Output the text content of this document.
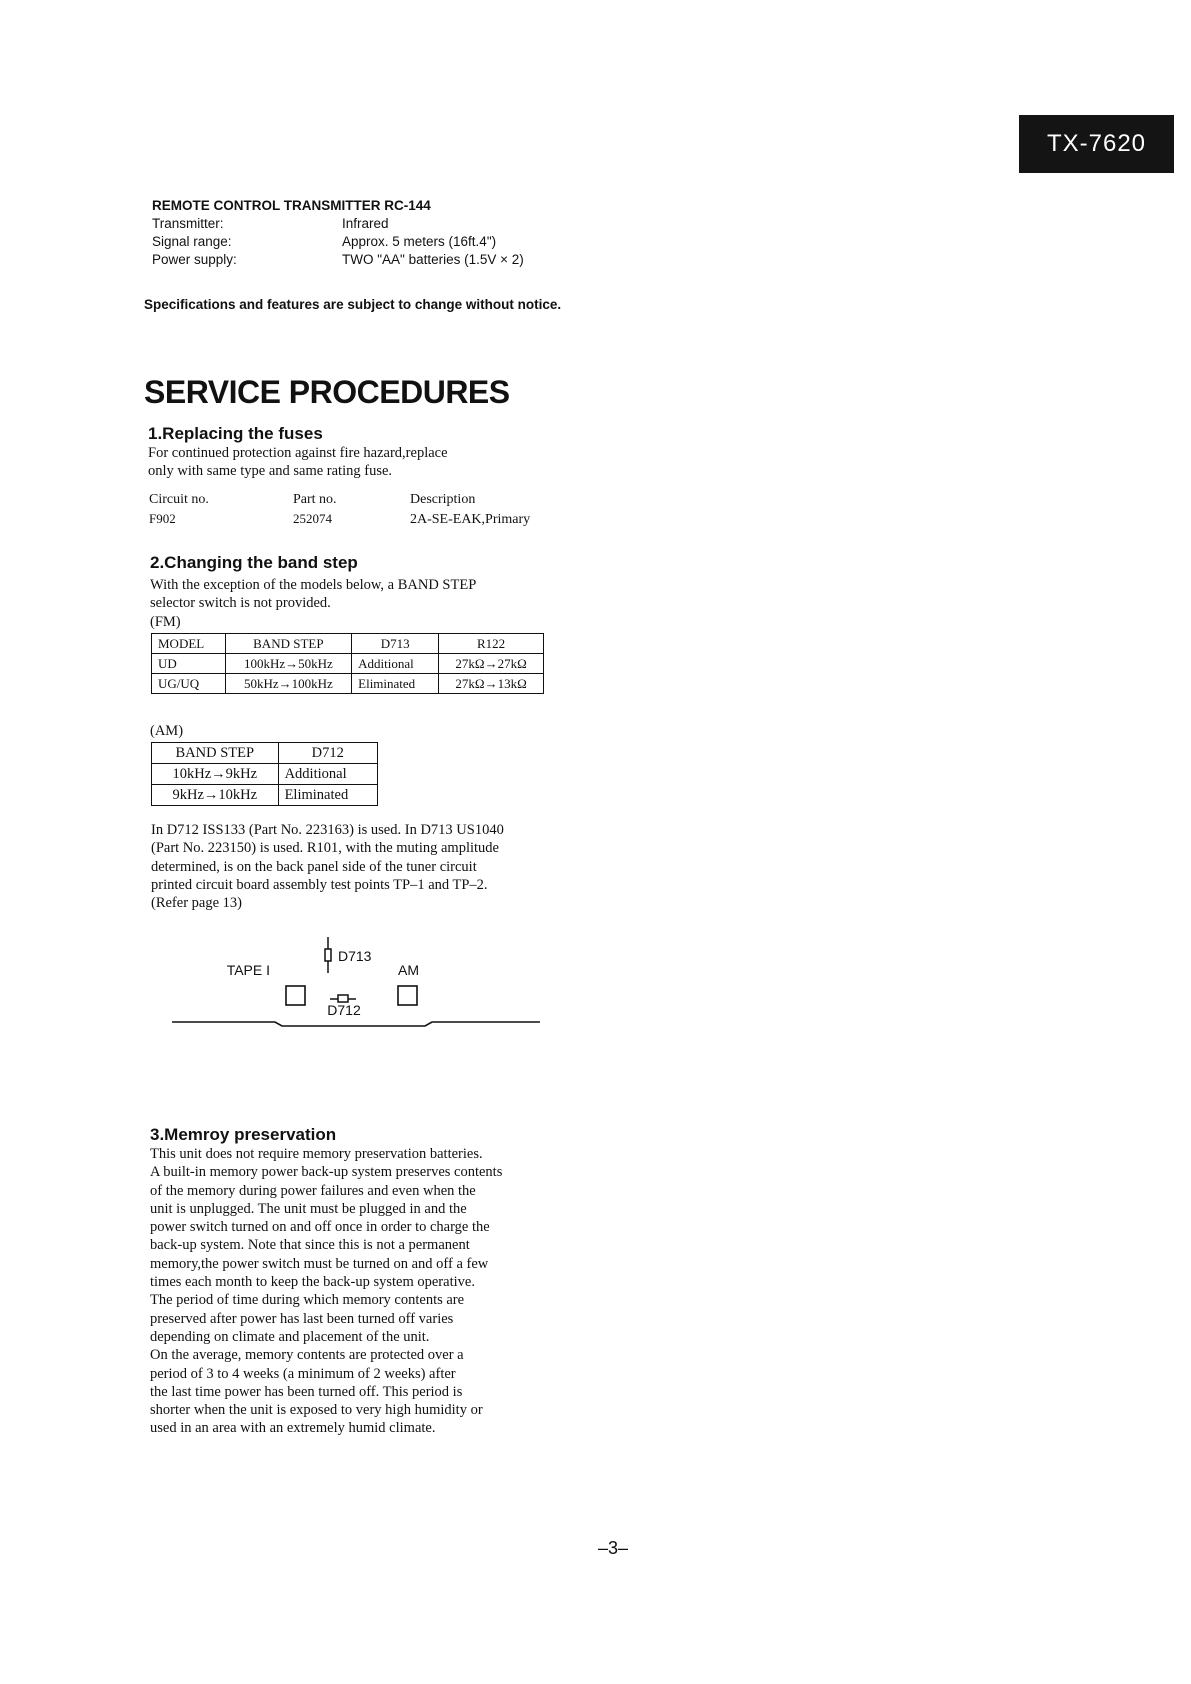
TX-7620
REMOTE CONTROL TRANSMITTER RC-144
Transmitter:	Infrared
Signal range:	Approx. 5 meters (16ft.4")
Power supply:	TWO "AA" batteries (1.5V × 2)
Specifications and features are subject to change without notice.
SERVICE PROCEDURES
1.Replacing the fuses
For continued protection against fire hazard,replace
only with same type and same rating fuse.
Circuit no.	Part no.	Description
F902	252074	2A-SE-EAK,Primary
2.Changing the band step
With the exception of the models below, a BAND STEP
selector switch is not provided.
(FM)
MODEL	BAND STEP	D713	R122
UD	100kHz→50kHz	Additional	27kΩ→27kΩ
UG/UQ	50kHz→100kHz	Eliminated	27kΩ→13kΩ
(AM)
BAND STEP	D712
10kHz→9kHz	Additional
9kHz→10kHz	Eliminated
In D712 ISS133 (Part No. 223163) is used. In D713 US1040
(Part No. 223150) is used. R101, with the muting amplitude
determined, is on the back panel side of the tuner circuit
printed circuit board assembly test points TP–1 and TP–2.
(Refer page 13)
TAPE I
D713
AM
D712
3.Memroy preservation
This unit does not require memory preservation batteries.
A built-in memory power back-up system preserves contents
of the memory during power failures and even when the
unit is unplugged. The unit must be plugged in and the
power switch turned on and off once in order to charge the
back-up system. Note that since this is not a permanent
memory,the power switch must be turned on and off a few
times each month to keep the back-up system operative.
The period of time during which memory contents are
preserved after power has last been turned off varies
depending on climate and placement of the unit.
On the average, memory contents are protected over a
period of 3 to 4 weeks (a minimum of 2 weeks) after
the last time power has been turned off. This period is
shorter when the unit is exposed to very high humidity or
used in an area with an extremely humid climate.
–3–
